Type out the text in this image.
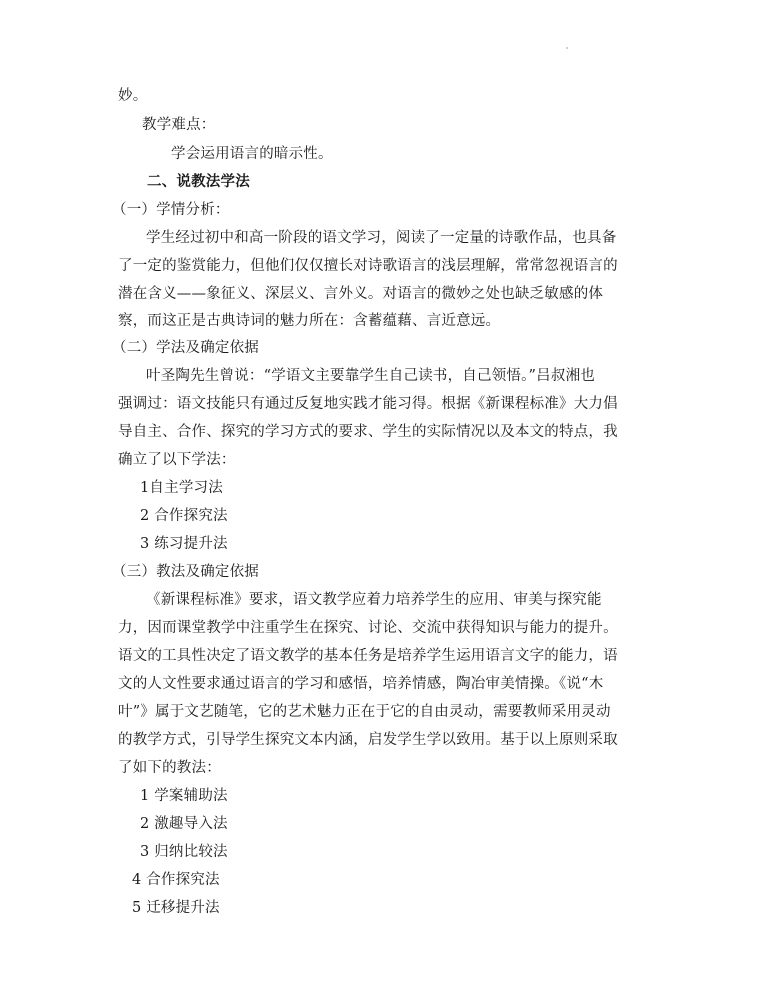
妙。
教学难点：
学会运用语言的暗示性。
二、说教法学法
（一）学情分析：
学生经过初中和高一阶段的语文学习，阅读了一定量的诗歌作品，也具备
了一定的鉴赏能力，但他们仅仅擅长对诗歌语言的浅层理解，常常忽视语言的
潜在含义——象征义、深层义、言外义。对语言的微妙之处也缺乏敏感的体
察，而这正是古典诗词的魅力所在：含蓄蕴藉、言近意远。
（二）学法及确定依据
叶圣陶先生曾说：“学语文主要靠学生自己读书，自己领悟。”吕叔湘也
强调过：语文技能只有通过反复地实践才能习得。根据《新课程标准》大力倡
导自主、合作、探究的学习方式的要求、学生的实际情况以及本文的特点，我
确立了以下学法：
1自主学习法
2 合作探究法
3 练习提升法
（三）教法及确定依据
《新课程标准》要求，语文教学应着力培养学生的应用、审美与探究能
力，因而课堂教学中注重学生在探究、讨论、交流中获得知识与能力的提升。
语文的工具性决定了语文教学的基本任务是培养学生运用语言文字的能力，语
文的人文性要求通过语言的学习和感悟，培养情感，陶冶审美情操。《说“木
叶”》属于文艺随笔，它的艺术魅力正在于它的自由灵动，需要教师采用灵动
的教学方式，引导学生探究文本内涵，启发学生学以致用。基于以上原则采取
了如下的教法：
1 学案辅助法
2 激趣导入法
3 归纳比较法
4 合作探究法
5 迁移提升法
